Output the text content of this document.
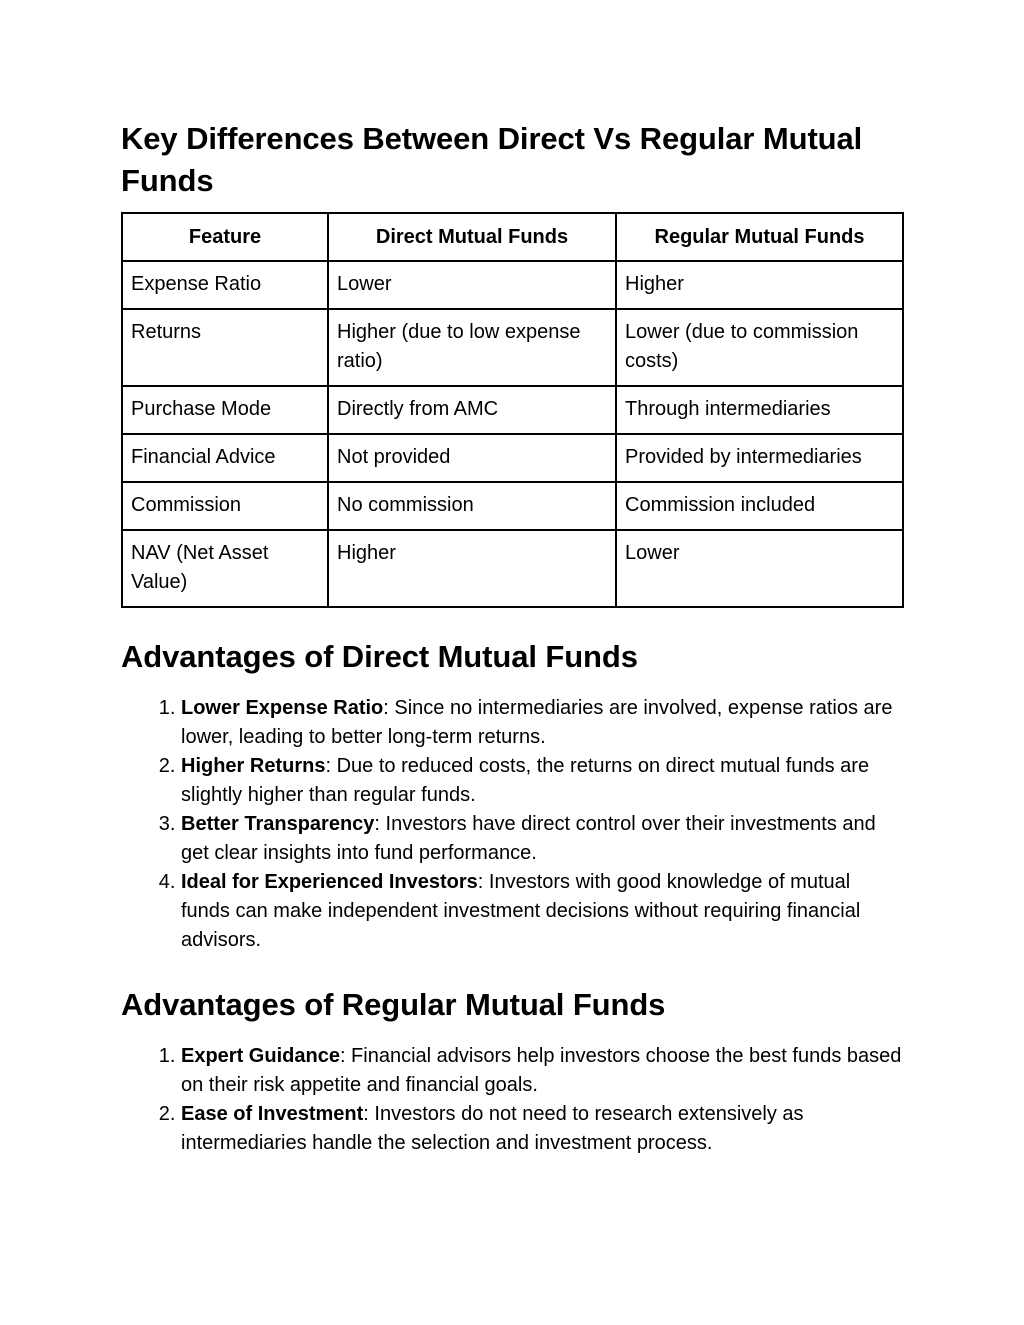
Key Differences Between Direct Vs Regular Mutual Funds
Feature	Direct Mutual Funds	Regular Mutual Funds
Expense Ratio	Lower	Higher
Returns	Higher (due to low expense ratio)	Lower (due to commission costs)
Purchase Mode	Directly from AMC	Through intermediaries
Financial Advice	Not provided	Provided by intermediaries
Commission	No commission	Commission included
NAV (Net Asset Value)	Higher	Lower
Advantages of Direct Mutual Funds
1. Lower Expense Ratio: Since no intermediaries are involved, expense ratios are lower, leading to better long-term returns.
2. Higher Returns: Due to reduced costs, the returns on direct mutual funds are slightly higher than regular funds.
3. Better Transparency: Investors have direct control over their investments and get clear insights into fund performance.
4. Ideal for Experienced Investors: Investors with good knowledge of mutual funds can make independent investment decisions without requiring financial advisors.
Advantages of Regular Mutual Funds
1. Expert Guidance: Financial advisors help investors choose the best funds based on their risk appetite and financial goals.
2. Ease of Investment: Investors do not need to research extensively as intermediaries handle the selection and investment process.
